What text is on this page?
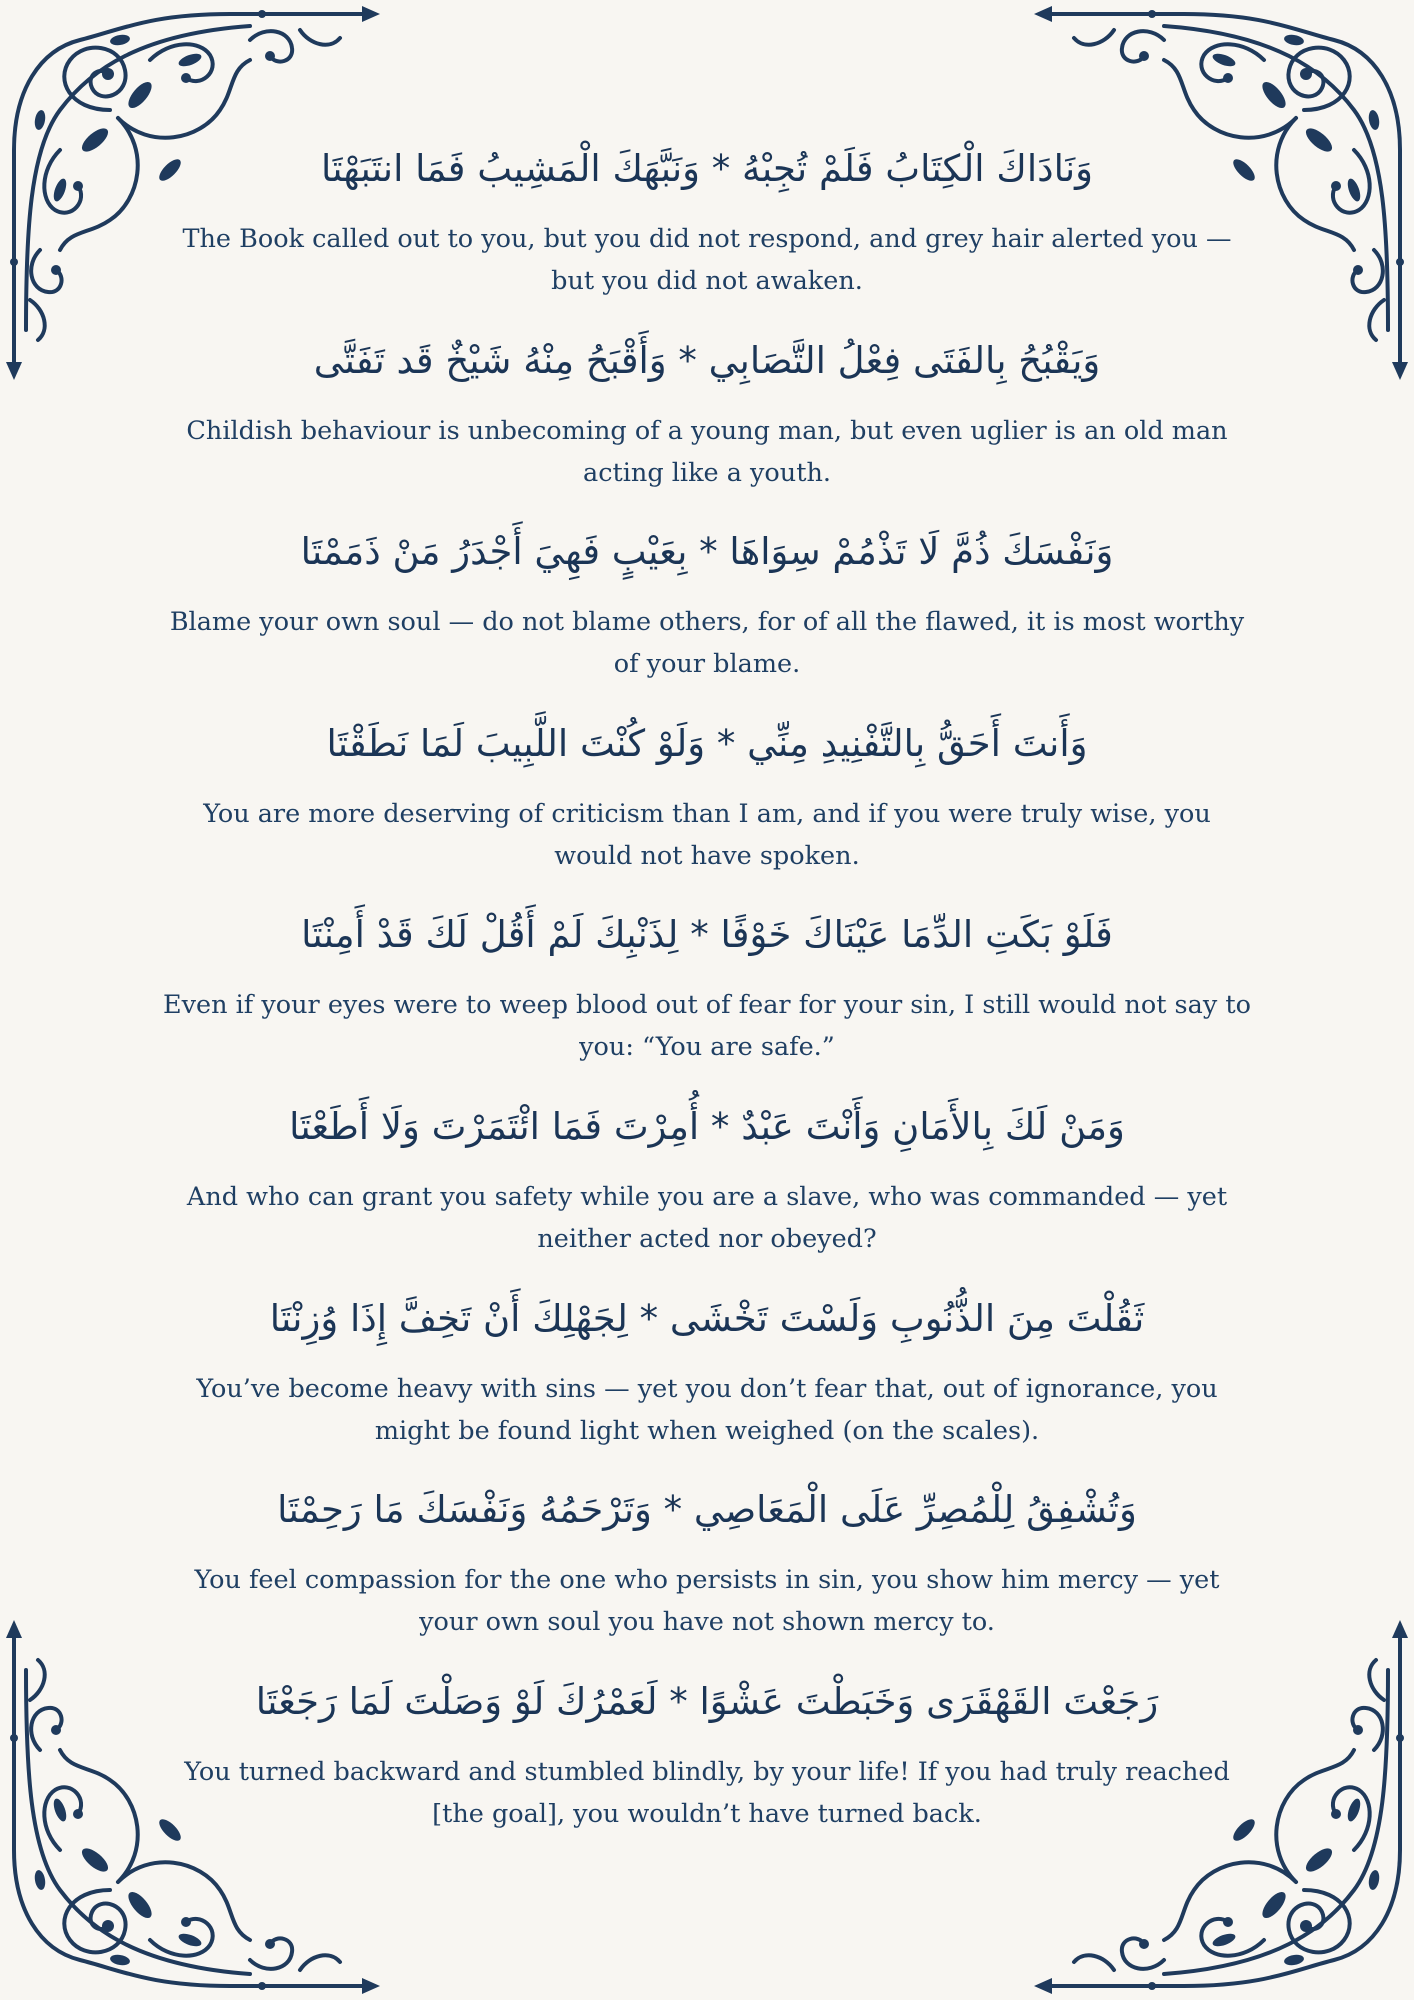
وَنَادَاكَ الْكِتَابُ فَلَمْ تُجِبْهُ * وَنَبَّهَكَ الْمَشِيبُ فَمَا انتَبَهْتَا
The Book called out to you, but you did not respond, and grey hair alerted you — but you did not awaken.
وَيَقْبُحُ بِالفَتَى فِعْلُ التَّصَابِي * وَأَقْبَحُ مِنْهُ شَيْخٌ قَد تَفَتَّى
Childish behaviour is unbecoming of a young man, but even uglier is an old man acting like a youth.
وَنَفْسَكَ ذُمَّ لَا تَذْمُمْ سِوَاهَا * بِعَيْبٍ فَهِيَ أَجْدَرُ مَنْ ذَمَمْتَا
Blame your own soul — do not blame others, for of all the flawed, it is most worthy of your blame.
وَأَنتَ أَحَقُّ بِالتَّفْنِيدِ مِنِّي * وَلَوْ كُنْتَ اللَّبِيبَ لَمَا نَطَقْتَا
You are more deserving of criticism than I am, and if you were truly wise, you would not have spoken.
فَلَوْ بَكَتِ الدِّمَا عَيْنَاكَ خَوْفًا * لِذَنْبِكَ لَمْ أَقُلْ لَكَ قَدْ أَمِنْتَا
Even if your eyes were to weep blood out of fear for your sin, I still would not say to you: “You are safe.”
وَمَنْ لَكَ بِالأَمَانِ وَأَنْتَ عَبْدٌ * أُمِرْتَ فَمَا ائْتَمَرْتَ وَلَا أَطَعْتَا
And who can grant you safety while you are a slave, who was commanded — yet neither acted nor obeyed?
ثَقُلْتَ مِنَ الذُّنُوبِ وَلَسْتَ تَخْشَى * لِجَهْلِكَ أَنْ تَخِفَّ إِذَا وُزِنْتَا
You’ve become heavy with sins — yet you don’t fear that, out of ignorance, you might be found light when weighed (on the scales).
وَتُشْفِقُ لِلْمُصِرِّ عَلَى الْمَعَاصِي * وَتَرْحَمُهُ وَنَفْسَكَ مَا رَحِمْتَا
You feel compassion for the one who persists in sin, you show him mercy — yet your own soul you have not shown mercy to.
رَجَعْتَ القَهْقَرَى وَخَبَطْتَ عَشْوًا * لَعَمْرُكَ لَوْ وَصَلْتَ لَمَا رَجَعْتَا
You turned backward and stumbled blindly, by your life! If you had truly reached [the goal], you wouldn’t have turned back.
